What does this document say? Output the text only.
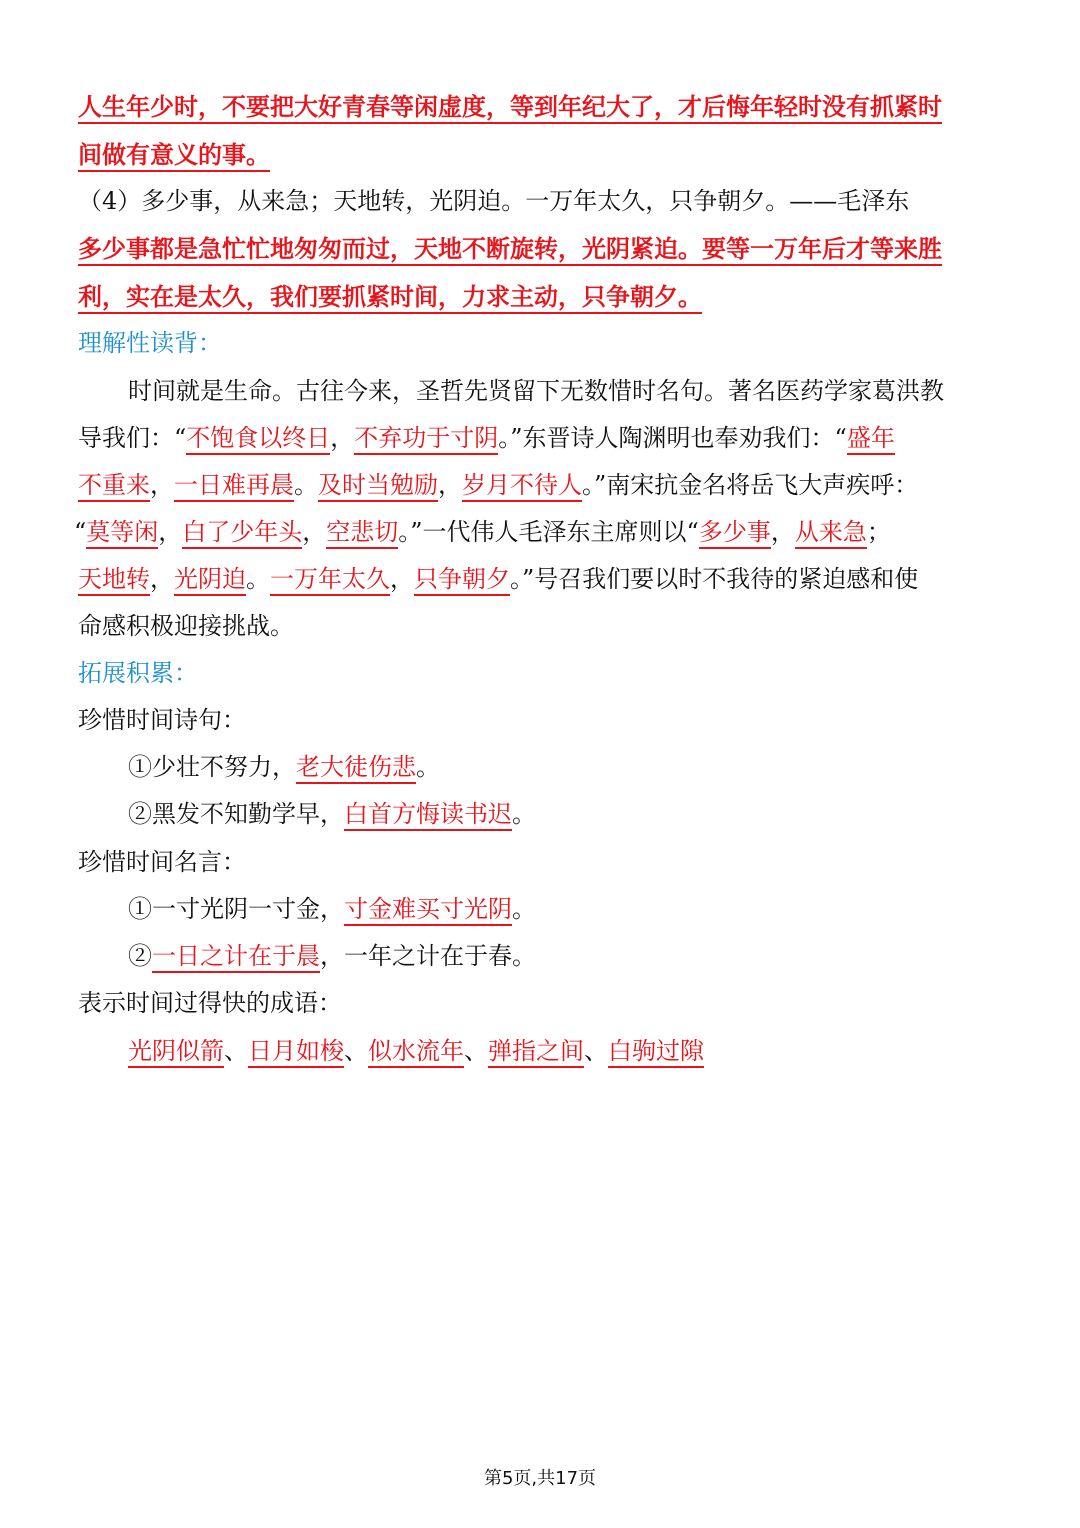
人生年少时，不要把大好青春等闲虚度，等到年纪大了，才后悔年轻时没有抓紧时
间做有意义的事。
（4）多少事，从来急；天地转，光阴迫。一万年太久，只争朝夕。——毛泽东
多少事都是急忙忙地匆匆而过，天地不断旋转，光阴紧迫。要等一万年后才等来胜
利，实在是太久，我们要抓紧时间，力求主动，只争朝夕。
理解性读背：
时间就是生命。古往今来，圣哲先贤留下无数惜时名句。著名医药学家葛洪教
导我们：“不饱食以终日，不弃功于寸阴。”东晋诗人陶渊明也奉劝我们：“盛年
不重来，一日难再晨。及时当勉励，岁月不待人。”南宋抗金名将岳飞大声疾呼：
“莫等闲，白了少年头，空悲切。”一代伟人毛泽东主席则以“多少事，从来急；
天地转，光阴迫。一万年太久，只争朝夕。”号召我们要以时不我待的紧迫感和使
命感积极迎接挑战。
拓展积累：
珍惜时间诗句：
①少壮不努力，老大徒伤悲。
②黑发不知勤学早，白首方悔读书迟。
珍惜时间名言：
①一寸光阴一寸金，寸金难买寸光阴。
②一日之计在于晨，一年之计在于春。
表示时间过得快的成语：
光阴似箭、日月如梭、似水流年、弹指之间、白驹过隙
第5页,共17页
